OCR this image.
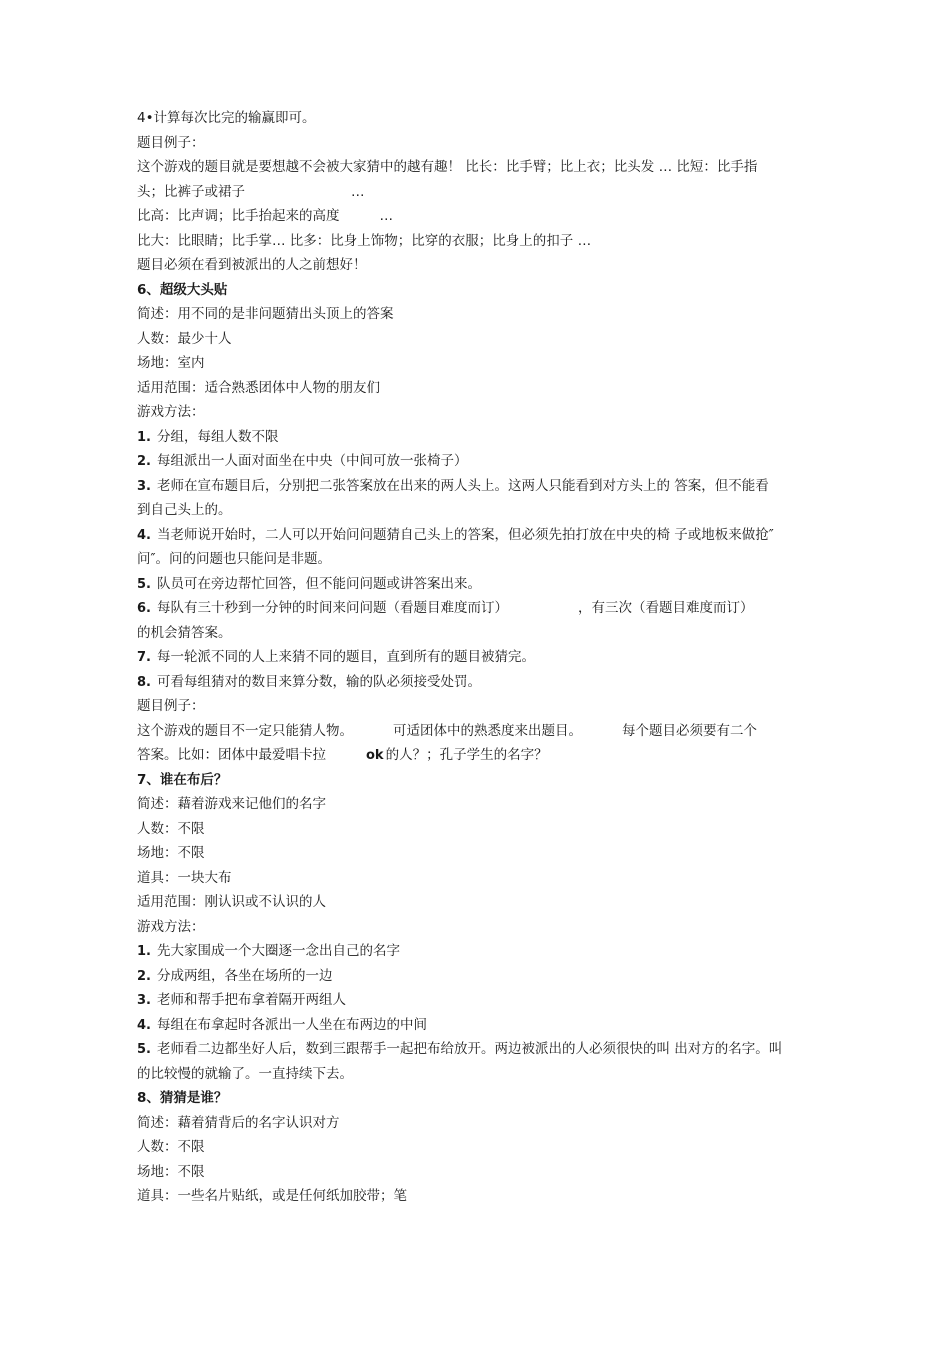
4•计算每次比完的输赢即可。
题目例子：
这个游戏的题目就是要想越不会被大家猜中的越有趣！ 比长：比手臂；比上衣；比头发 … 比短：比手指
头；比裤子或裙子	…
比高：比声调；比手抬起来的高度	…
比大：比眼睛；比手掌… 比多：比身上饰物；比穿的衣服；比身上的扣子 …
题目必须在看到被派出的人之前想好！
6、超级大头贴
简述：用不同的是非问题猜出头顶上的答案
人数：最少十人
场地：室内
适用范围：适合熟悉团体中人物的朋友们
游戏方法：
1. 分组，每组人数不限
2. 每组派出一人面对面坐在中央（中间可放一张椅子）
3. 老师在宣布题目后，分别把二张答案放在出来的两人头上。这两人只能看到对方头上的 答案，但不能看
到自己头上的。
4. 当老师说开始时，二人可以开始问问题猜自己头上的答案，但必须先拍打放在中央的椅 子或地板来做抢″
问″。问的问题也只能问是非题。
5. 队员可在旁边帮忙回答，但不能问问题或讲答案出来。
6. 每队有三十秒到一分钟的时间来问问题（看题目难度而订）	，有三次（看题目难度而订）
的机会猜答案。
7. 每一轮派不同的人上来猜不同的题目，直到所有的题目被猜完。
8. 可看每组猜对的数目来算分数，输的队必须接受处罚。
题目例子：
这个游戏的题目不一定只能猜人物。	可适团体中的熟悉度来出题目。	每个题目必须要有二个
答案。比如：团体中最爱唱卡拉	ok 的人？；孔子学生的名字？
7、谁在布后？
简述：藉着游戏来记他们的名字
人数：不限
场地：不限
道具：一块大布
适用范围：刚认识或不认识的人
游戏方法：
1. 先大家围成一个大圈逐一念出自己的名字
2. 分成两组，各坐在场所的一边
3. 老师和帮手把布拿着隔开两组人
4. 每组在布拿起时各派出一人坐在布两边的中间
5. 老师看二边都坐好人后，数到三跟帮手一起把布给放开。两边被派出的人必须很快的叫 出对方的名字。叫
的比较慢的就输了。一直持续下去。
8、猜猜是谁？
简述：藉着猜背后的名字认识对方
人数：不限
场地：不限
道具：一些名片贴纸，或是任何纸加胶带；笔
